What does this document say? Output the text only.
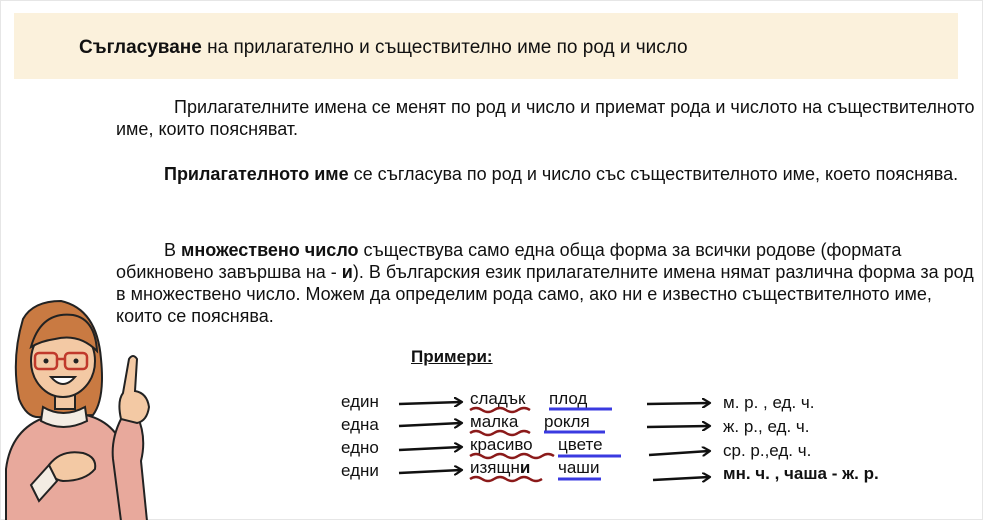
Съгласуване на прилагателно и съществително име по род и число
Прилагателните имена се менят по род и число и приемат рода и числото на съществителното име, които поясняват.
Прилагателното име се съгласува по род и число със съществителното име, което пояснява.
В множествено число съществува само една обща форма за всички родове (формата обикновено завършва на - и). В българския език прилагателните имена нямат различна форма за род в множествено число. Можем да определим рода само, ако ни е известно съществителното име, които се пояснява.
Примери:
един	сладък плод	м. р. , ед. ч.
една	малка рокля	ж. р., ед. ч.
едно	красиво цвете	ср. р.,ед. ч.
едни	изящни чаши	мн. ч. , чаша - ж. р.
